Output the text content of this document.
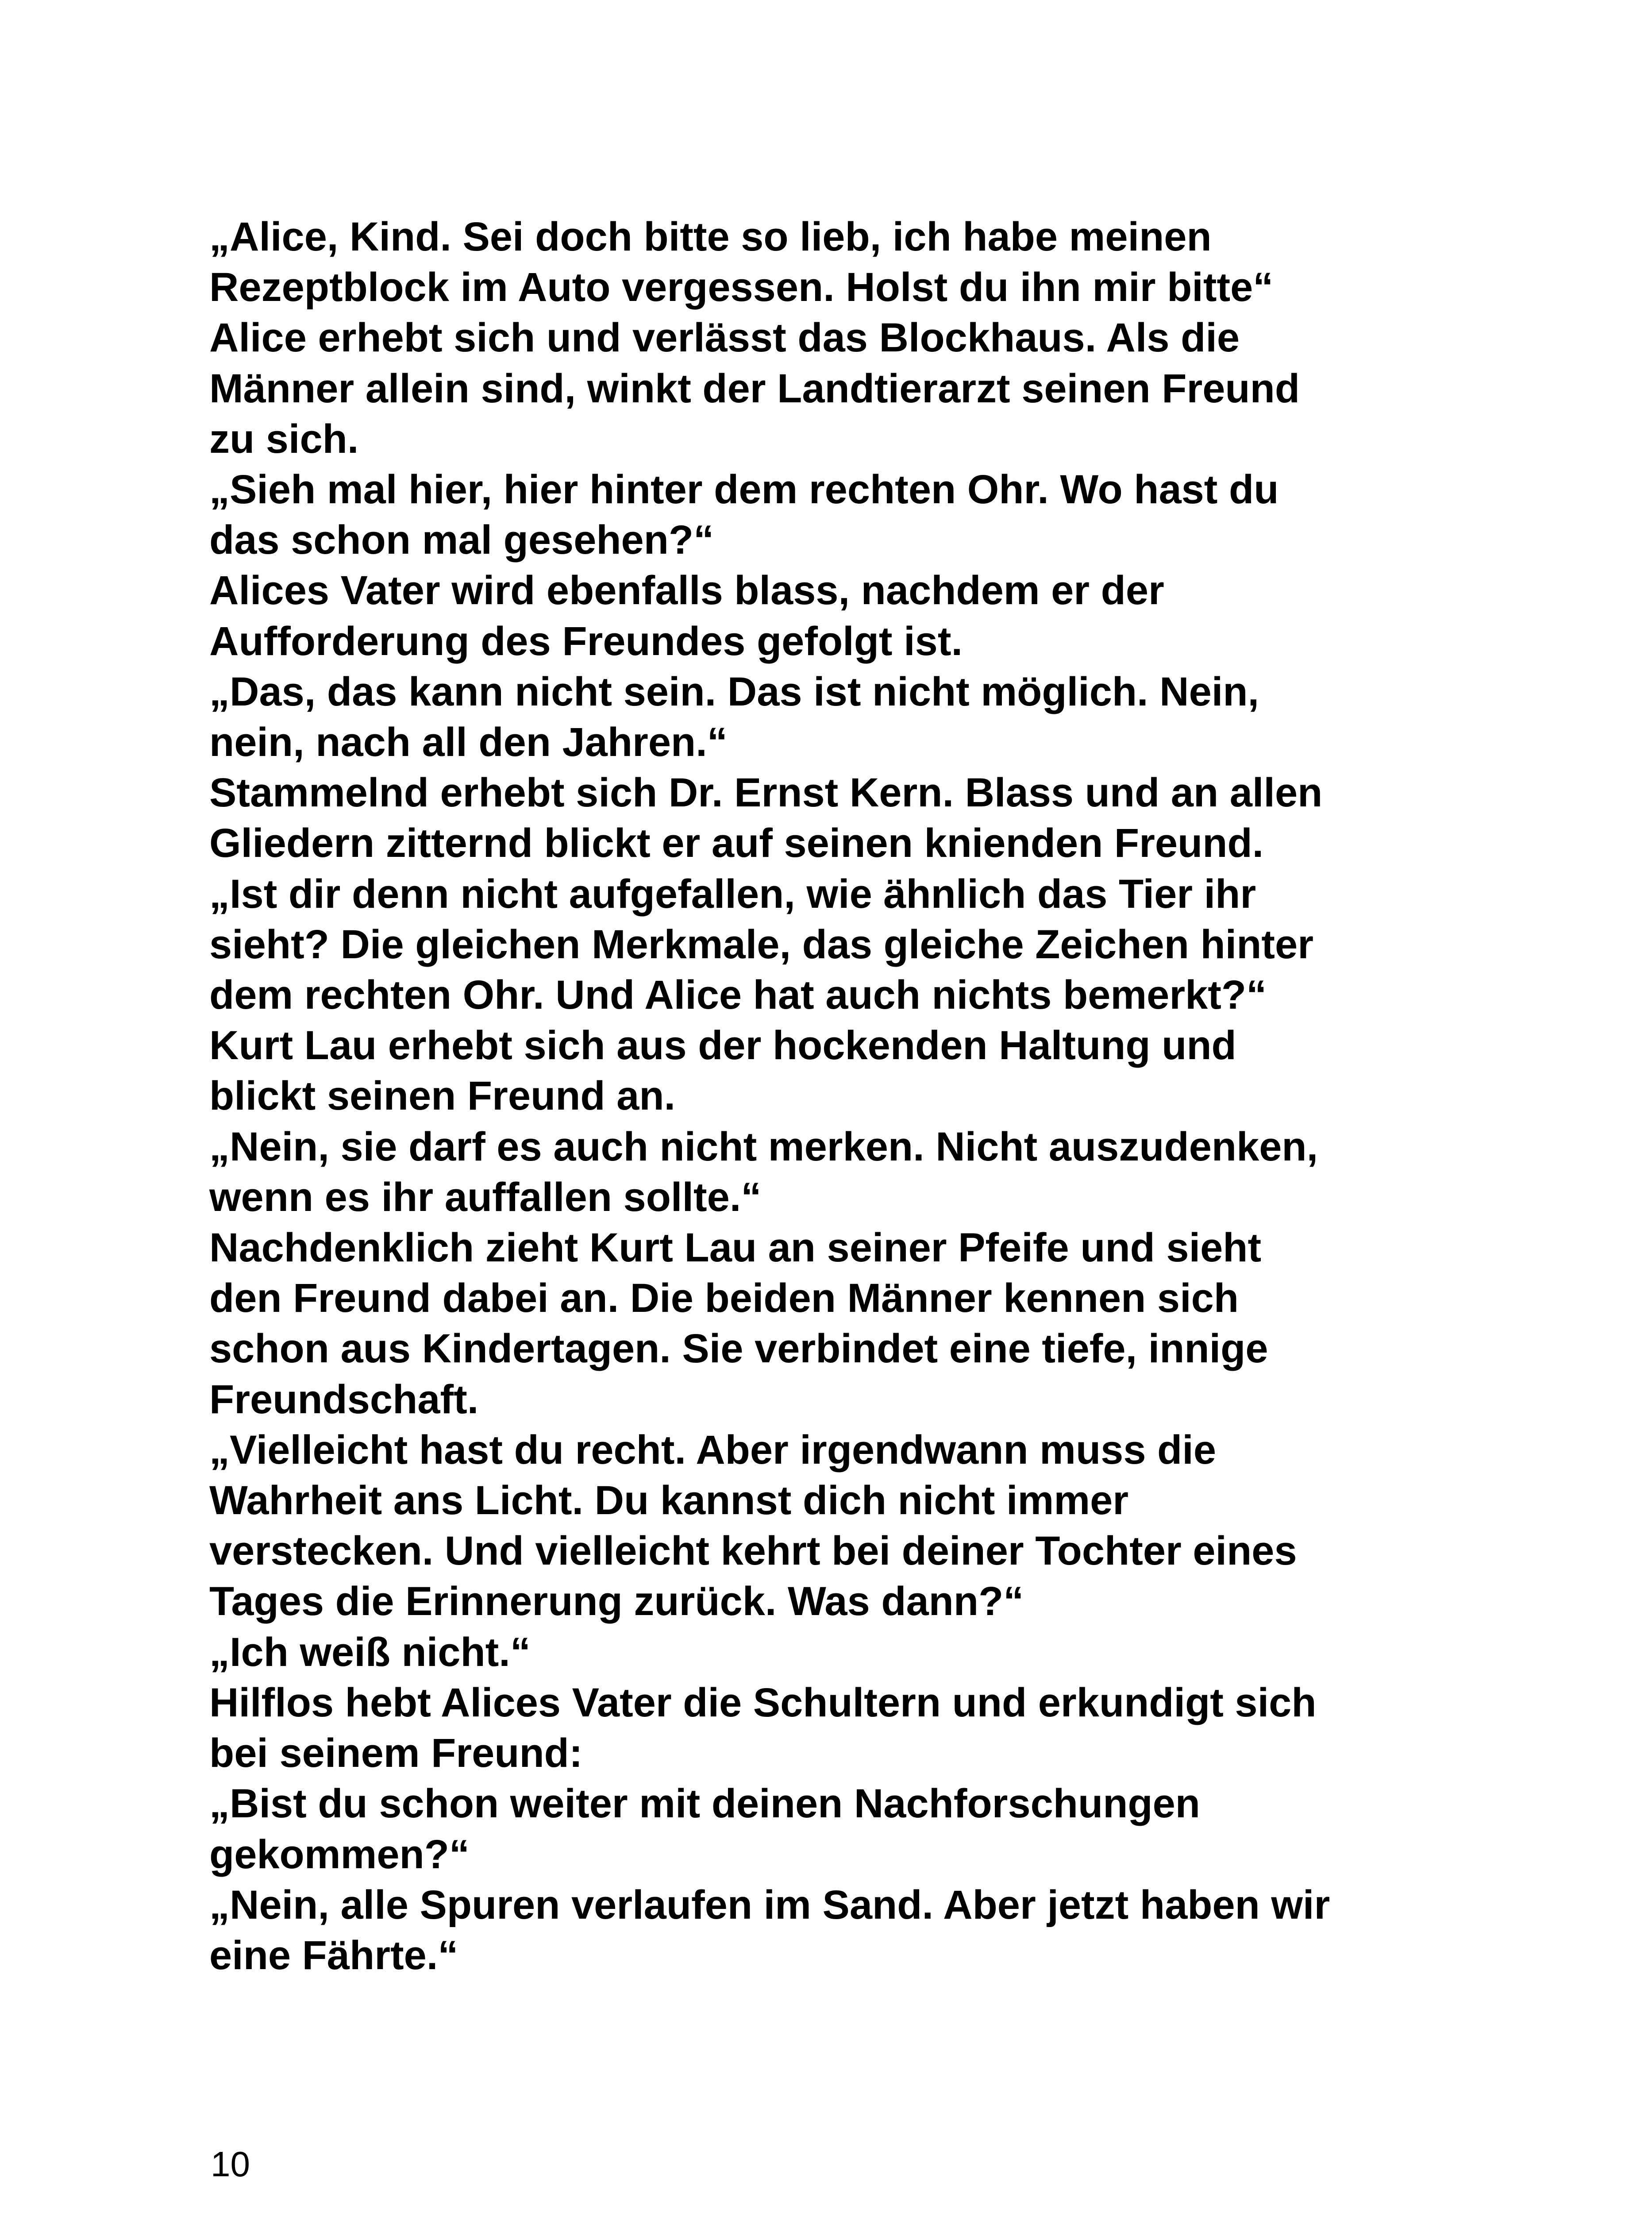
„Alice, Kind. Sei doch bitte so lieb, ich habe meinen

Rezeptblock im Auto vergessen. Holst du ihn mir bitte“

Alice erhebt sich und verlässt das Blockhaus. Als die

Männer allein sind, winkt der Landtierarzt seinen Freund

zu sich.

„Sieh mal hier, hier hinter dem rechten Ohr. Wo hast du

das schon mal gesehen?“

Alices Vater wird ebenfalls blass, nachdem er der

Aufforderung des Freundes gefolgt ist.

„Das, das kann nicht sein. Das ist nicht möglich. Nein,

nein, nach all den Jahren.“

Stammelnd erhebt sich Dr. Ernst Kern. Blass und an allen

Gliedern zitternd blickt er auf seinen knienden Freund.

„Ist dir denn nicht aufgefallen, wie ähnlich das Tier ihr

sieht? Die gleichen Merkmale, das gleiche Zeichen hinter

dem rechten Ohr. Und Alice hat auch nichts bemerkt?“

Kurt Lau erhebt sich aus der hockenden Haltung und

blickt seinen Freund an.

„Nein, sie darf es auch nicht merken. Nicht auszudenken,

wenn es ihr auffallen sollte.“

Nachdenklich zieht Kurt Lau an seiner Pfeife und sieht

den Freund dabei an. Die beiden Männer kennen sich

schon aus Kindertagen. Sie verbindet eine tiefe, innige

Freundschaft.

„Vielleicht hast du recht. Aber irgendwann muss die

Wahrheit ans Licht. Du kannst dich nicht immer

verstecken. Und vielleicht kehrt bei deiner Tochter eines

Tages die Erinnerung zurück. Was dann?“

„Ich weiß nicht.“

Hilflos hebt Alices Vater die Schultern und erkundigt sich

bei seinem Freund:

„Bist du schon weiter mit deinen Nachforschungen

gekommen?“

„Nein, alle Spuren verlaufen im Sand. Aber jetzt haben wir

eine Fährte.“

10
